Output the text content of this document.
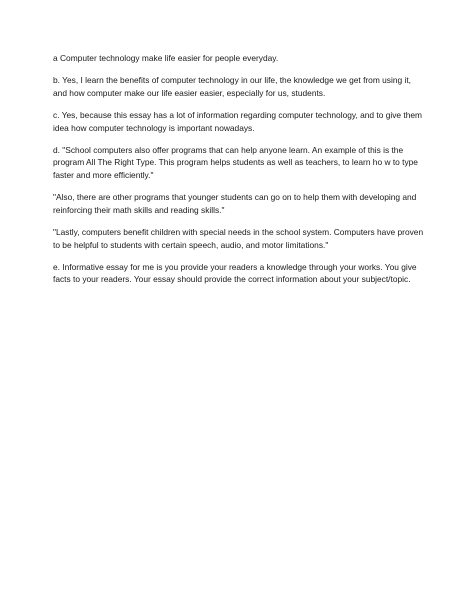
a Computer technology make life easier for people everyday.

b. Yes, I learn the benefits of computer technology in our life, the knowledge we get from using it, and how computer make our life easier easier, especially for us, students.

c. Yes, because this essay has a lot of information regarding computer technology, and to give them idea how computer technology is important nowadays.

d. "School computers also offer programs that can help anyone learn. An example of this is the program All The Right Type. This program helps students as well as teachers, to learn ho w to type faster and more efficiently."

"Also, there are other programs that younger students can go on to help them with developing and reinforcing their math skills and reading skills."

"Lastly, computers benefit children with special needs in the school system. Computers have proven to be helpful to students with certain speech, audio, and motor limitations."

e. Informative essay for me is you provide your readers a knowledge through your works. You give facts to your readers. Your essay should provide the correct information about your subject/topic.
